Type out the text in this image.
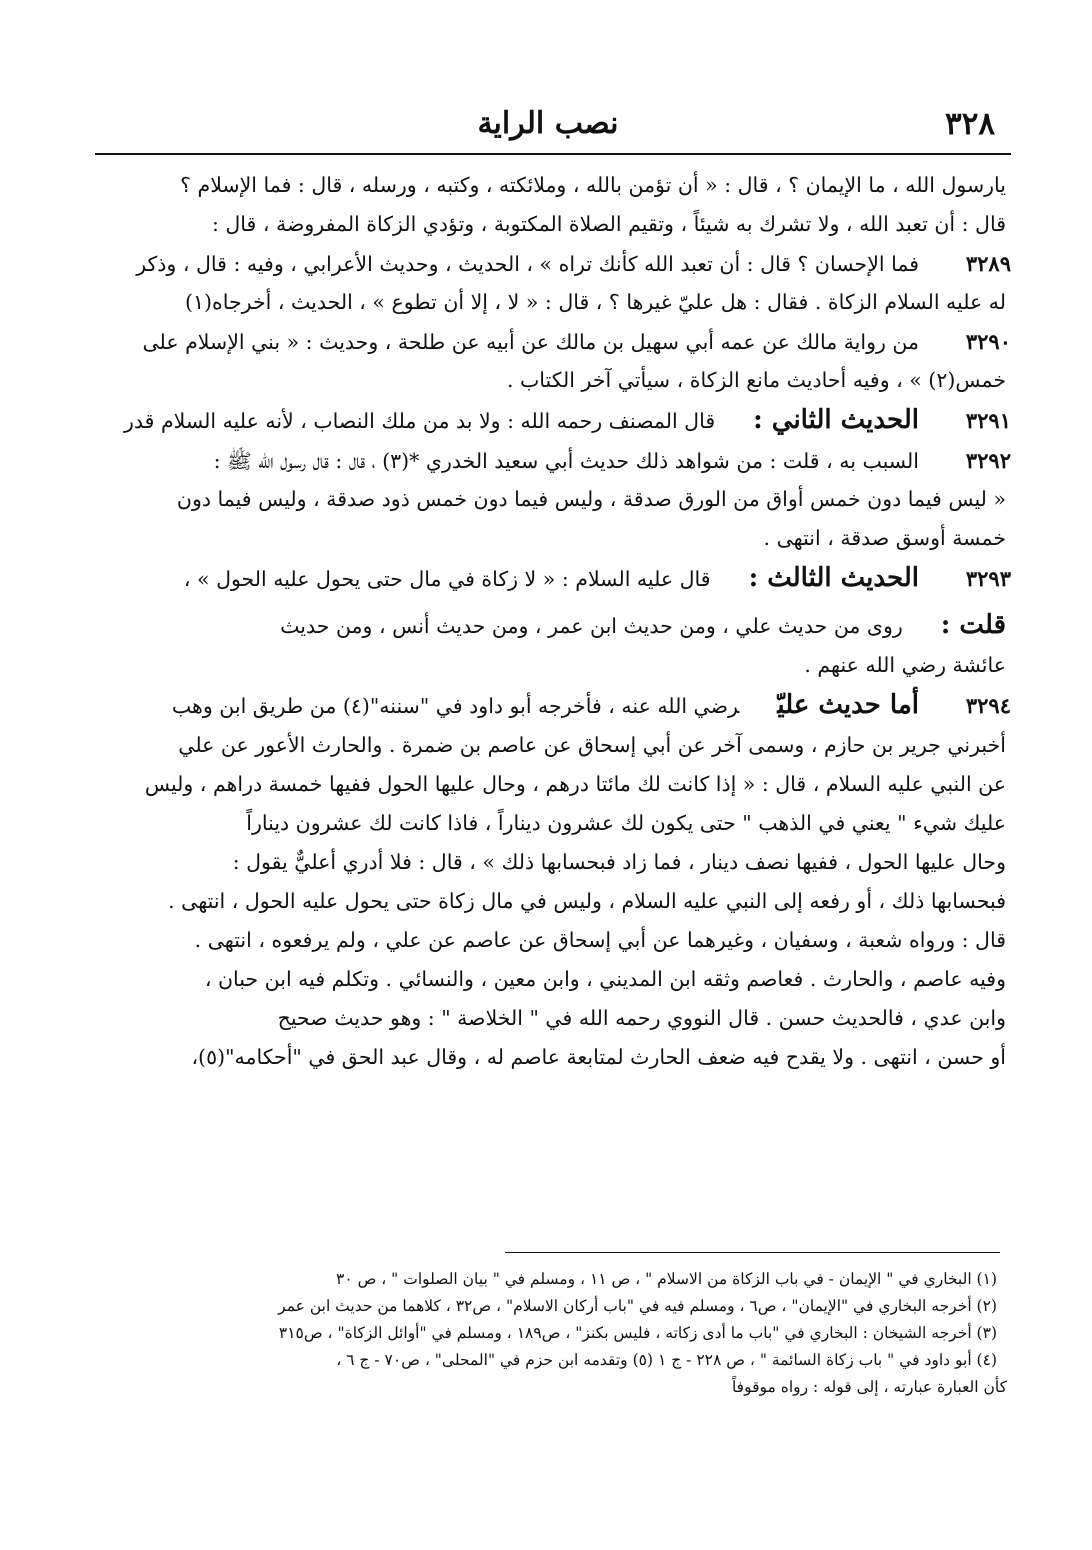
٣٢٨
نصب الراية
يارسول الله ، ما الإيمان ؟ ، قال : « أن تؤمن بالله ، وملائكته ، وكتبه ، ورسله ، قال : فما الإسلام ؟
قال : أن تعبد الله ، ولا تشرك به شيئاً ، وتقيم الصلاة المكتوبة ، وتؤدي الزكاة المفروضة ، قال :
٣٢٨٩فما الإحسان ؟ قال : أن تعبد الله كأنك تراه » ، الحديث ، وحديث الأعرابي ، وفيه : قال ، وذكر
له عليه السلام الزكاة . فقال : هل عليّ غيرها ؟ ، قال : « لا ، إلا أن تطوع » ، الحديث ، أخرجاه(١)
٣٢٩٠من رواية مالك عن عمه أبي سهيل بن مالك عن أبيه عن طلحة ، وحديث : « بني الإسلام على
خمس(٢) » ، وفيه أحاديث مانع الزكاة ، سيأتي آخر الكتاب .
٣٢٩١الحديث الثاني :قال المصنف رحمه الله : ولا بد من ملك النصاب ، لأنه عليه السلام قدر
٣٢٩٢السبب به ، قلت : من شواهد ذلك حديث أبي سعيد الخدري *(٣) ، قال : قال رسول الله ﷺ :
« ليس فيما دون خمس أواق من الورق صدقة ، وليس فيما دون خمس ذود صدقة ، وليس فيما دون
خمسة أوسق صدقة ، انتهى .
٣٢٩٣الحديث الثالث :قال عليه السلام : « لا زكاة في مال حتى يحول عليه الحول » ،
قلت :روى من حديث علي ، ومن حديث ابن عمر ، ومن حديث أنس ، ومن حديث
عائشة رضي الله عنهم .
٣٢٩٤أما حديث عليّرضي الله عنه ، فأخرجه أبو داود في "سننه"(٤) من طريق ابن وهب
أخبرني جرير بن حازم ، وسمى آخر عن أبي إسحاق عن عاصم بن ضمرة . والحارث الأعور عن علي
عن النبي عليه السلام ، قال : « إذا كانت لك مائتا درهم ، وحال عليها الحول ففيها خمسة دراهم ، وليس
عليك شيء " يعني في الذهب " حتى يكون لك عشرون ديناراً ، فاذا كانت لك عشرون ديناراً
وحال عليها الحول ، ففيها نصف دينار ، فما زاد فبحسابها ذلك » ، قال : فلا أدري أعليٌّ يقول :
فبحسابها ذلك ، أو رفعه إلى النبي عليه السلام ، وليس في مال زكاة حتى يحول عليه الحول ، انتهى .
قال : ورواه شعبة ، وسفيان ، وغيرهما عن أبي إسحاق عن عاصم عن علي ، ولم يرفعوه ، انتهى .
وفيه عاصم ، والحارث . فعاصم وثقه ابن المديني ، وابن معين ، والنسائي . وتكلم فيه ابن حبان ،
وابن عدي ، فالحديث حسن . قال النووي رحمه الله في " الخلاصة " : وهو حديث صحيح
أو حسن ، انتهى . ولا يقدح فيه ضعف الحارث لمتابعة عاصم له ، وقال عبد الحق في "أحكامه"(٥)،
(١) البخاري في " الإيمان - في باب الزكاة من الاسلام " ، ص ١١ ، ومسلم في " بيان الصلوات " ، ص ٣٠
(٢) أخرجه البخاري في "الإيمان" ، ص٦ ، ومسلم فيه في "باب أركان الاسلام" ، ص٣٢ ، كلاهما من حديث ابن عمر
(٣) أخرجه الشيخان : البخاري في "باب ما أدى زكاته ، فليس بكنز" ، ص١٨٩ ، ومسلم في "أوائل الزكاة" ، ص٣١٥
(٤) أبو داود في " باب زكاة السائمة " ، ص ٢٢٨ - ج ١ (٥) وتقدمه ابن حزم في "المحلى" ، ص٧٠ - ج ٦ ،
كأن العبارة عبارته ، إلى قوله : رواه موقوفاً
